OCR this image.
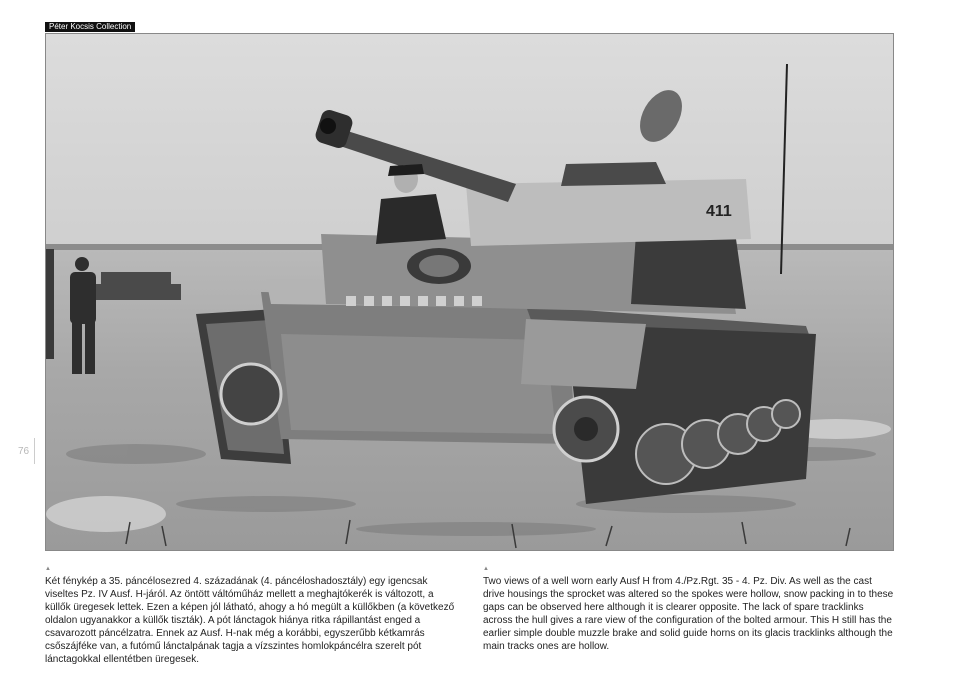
Péter Kocsis Collection
411
76
▲	▲
Két fénykép a 35. páncélosezred 4. századának (4. páncéloshadosztály) egy igencsak viseltes Pz. IV Ausf. H-járól. Az öntött váltóműház mellett a meghajtókerék is változott, a küllők üregesek lettek. Ezen a képen jól látható, ahogy a hó megült a küllőkben (a következő oldalon ugyanakkor a küllők tiszták). A pót lánctagok hiánya ritka rápillantást enged a csavarozott páncélzatra. Ennek az Ausf. H-nak még a korábbi, egyszerűbb kétkamrás csőszájféke van, a futómű lánctalpának tagja a vízszintes homlokpáncélra szerelt pót lánctagokkal ellentétben üregesek.
Two views of a well worn early Ausf H from 4./Pz.Rgt. 35 - 4. Pz. Div. As well as the cast drive housings the sprocket was altered so the spokes were hollow, snow packing in to these gaps can be observed here although it is clearer opposite. The lack of spare tracklinks across the hull gives a rare view of the configuration of the bolted armour. This H still has the earlier simple double muzzle brake and solid guide horns on its glacis tracklinks although the main tracks ones are hollow.
